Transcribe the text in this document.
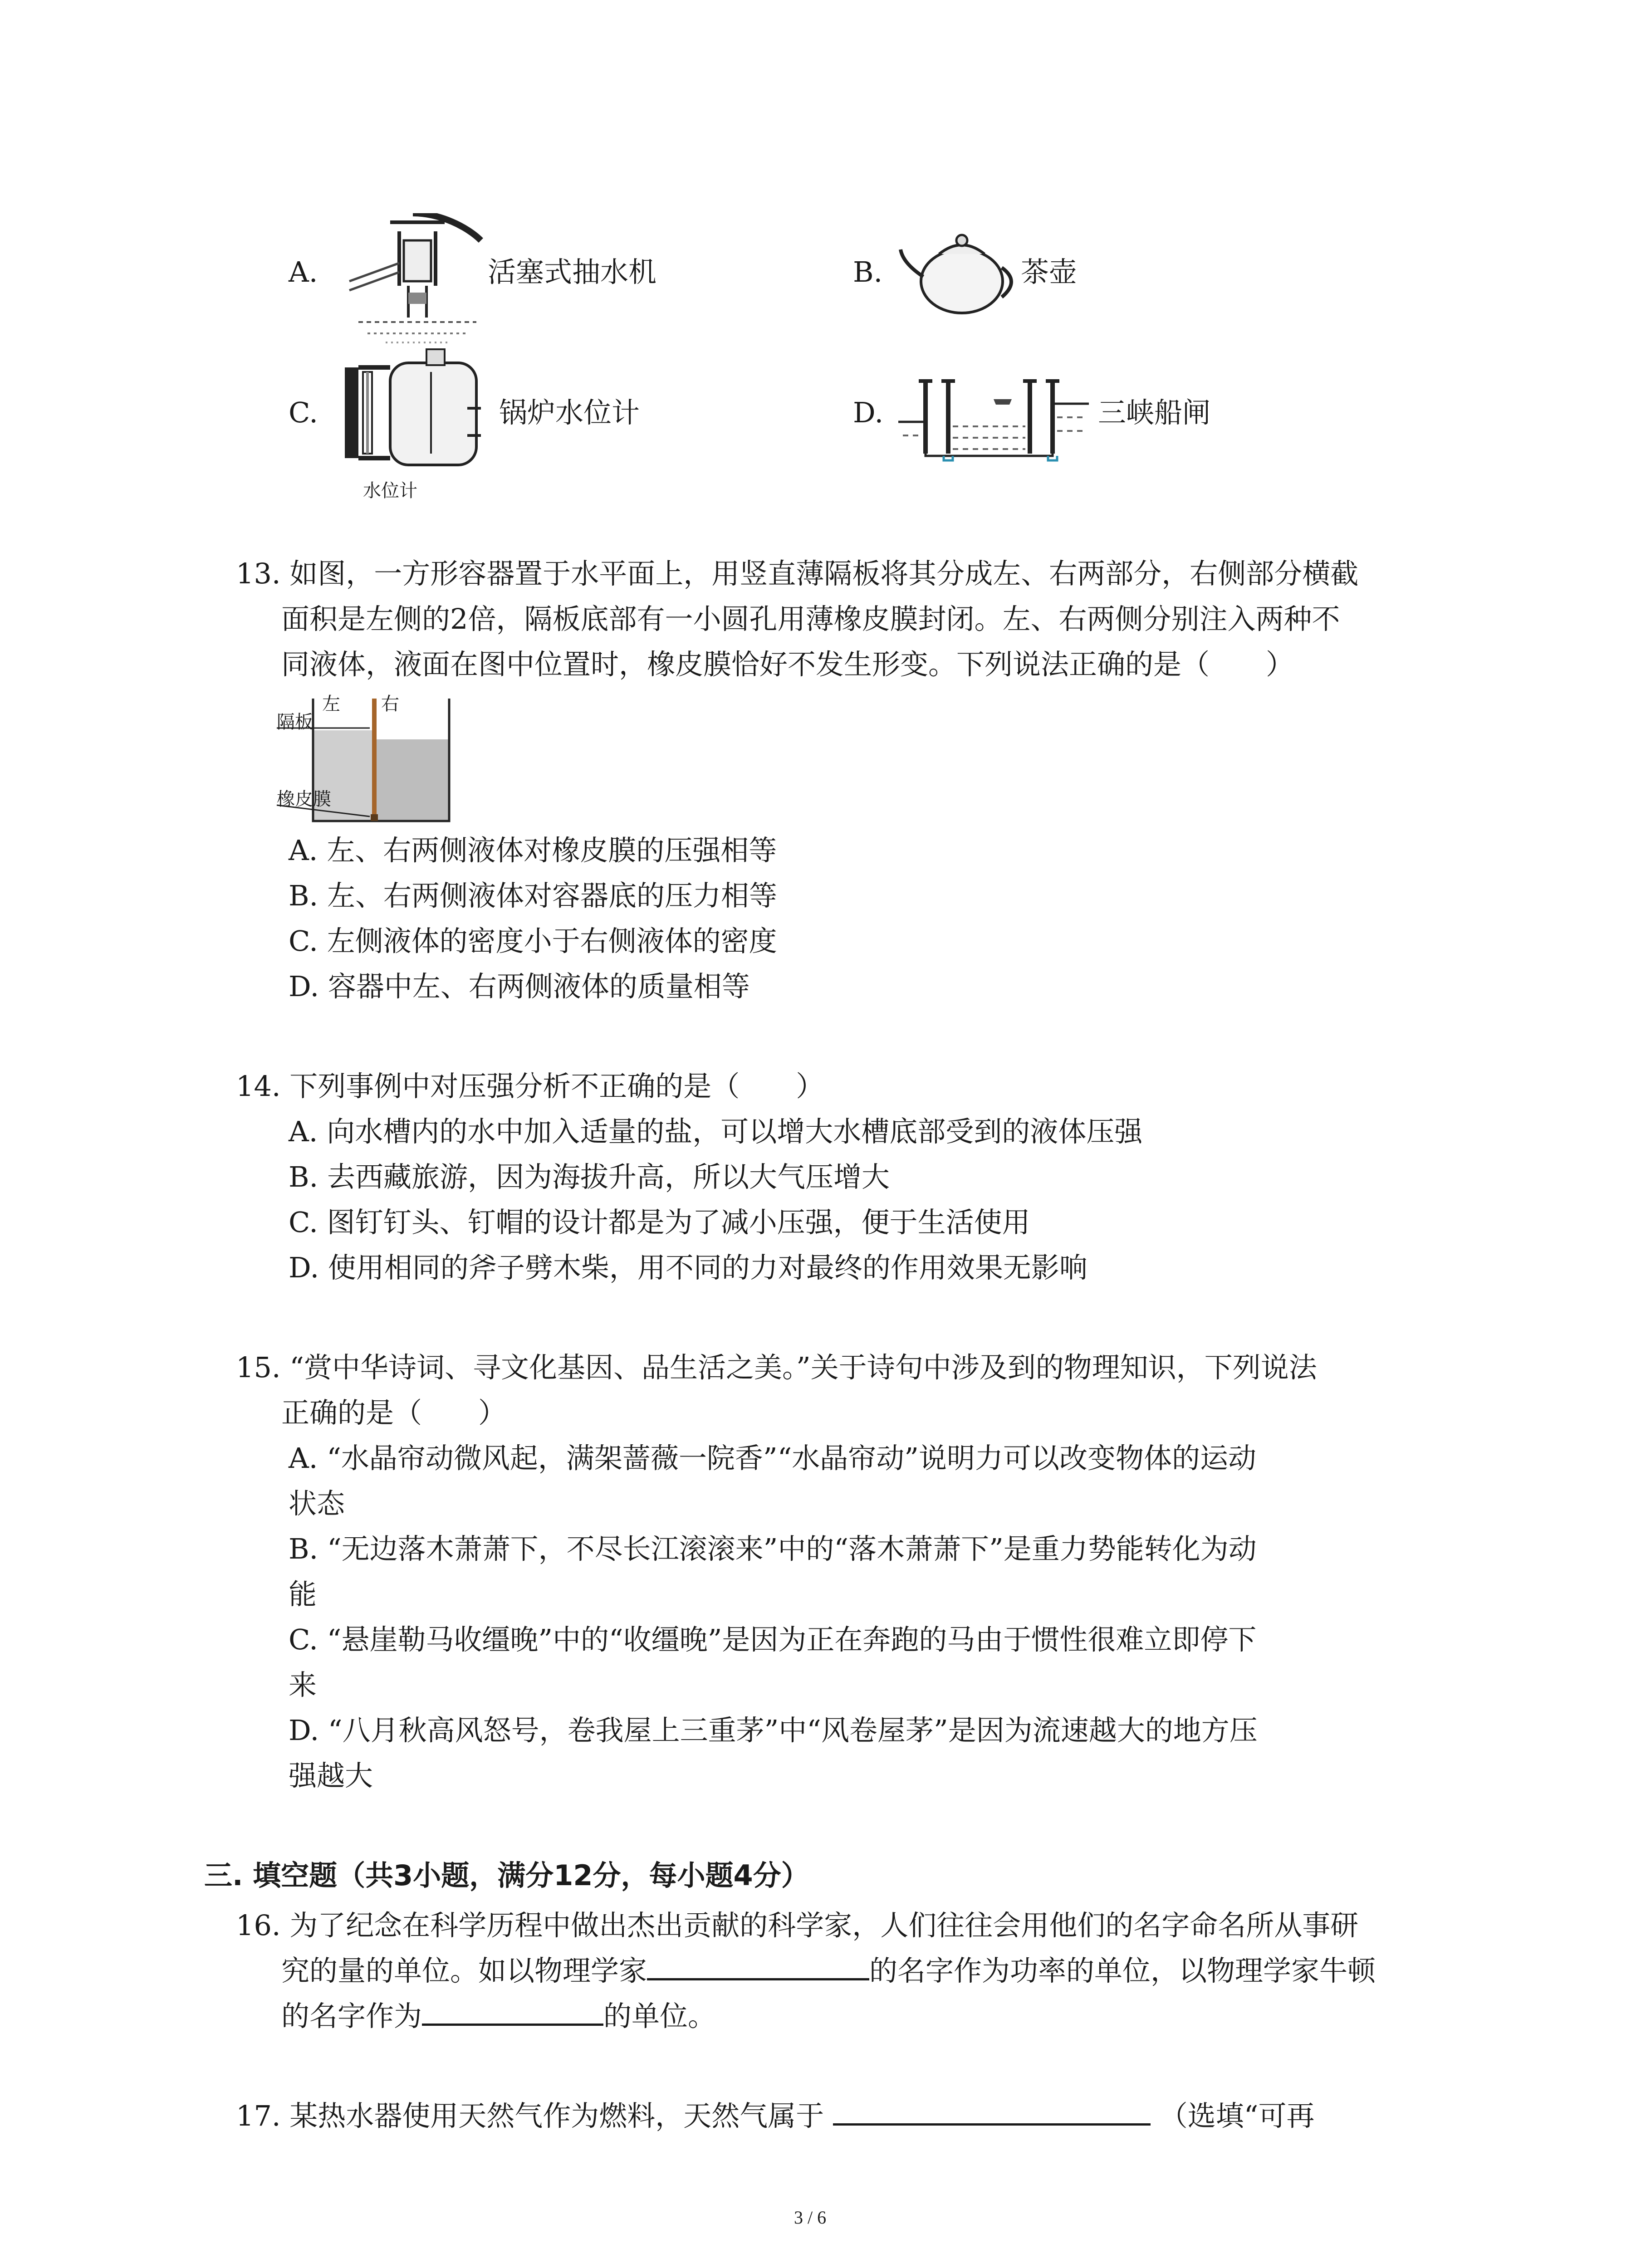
A.	活塞式抽水机	B.	茶壶
C.
水位计
锅炉水位计	D.	三峡船闸
13. 如图，一方形容器置于水平面上，用竖直薄隔板将其分成左、右两部分，右侧部分横截
面积是左侧的2倍，隔板底部有一小圆孔用薄橡皮膜封闭。左、右两侧分别注入两种不
同液体，液面在图中位置时，橡皮膜恰好不发生形变。下列说法正确的是（　　）
左 右
隔板
橡皮膜
A. 左、右两侧液体对橡皮膜的压强相等
B. 左、右两侧液体对容器底的压力相等
C. 左侧液体的密度小于右侧液体的密度
D. 容器中左、右两侧液体的质量相等
14. 下列事例中对压强分析不正确的是（　　）
A. 向水槽内的水中加入适量的盐，可以增大水槽底部受到的液体压强
B. 去西藏旅游，因为海拔升高，所以大气压增大
C. 图钉钉头、钉帽的设计都是为了减小压强，便于生活使用
D. 使用相同的斧子劈木柴，用不同的力对最终的作用效果无影响
15. “赏中华诗词、寻文化基因、品生活之美。”关于诗句中涉及到的物理知识，下列说法
正确的是（　　）
A. “水晶帘动微风起，满架蔷薇一院香”“水晶帘动”说明力可以改变物体的运动
状态
B. “无边落木萧萧下，不尽长江滚滚来”中的“落木萧萧下”是重力势能转化为动
能
C. “悬崖勒马收缰晚”中的“收缰晚”是因为正在奔跑的马由于惯性很难立即停下
来
D. “八月秋高风怒号，卷我屋上三重茅”中“风卷屋茅”是因为流速越大的地方压
强越大
三. 填空题（共3小题，满分12分，每小题4分）
16. 为了纪念在科学历程中做出杰出贡献的科学家，人们往往会用他们的名字命名所从事研
究的量的单位。如以物理学家	的名字作为功率的单位，以物理学家牛顿
的名字作为	的单位。
17. 某热水器使用天然气作为燃料，天然气属于	（选填“可再
3 / 6
